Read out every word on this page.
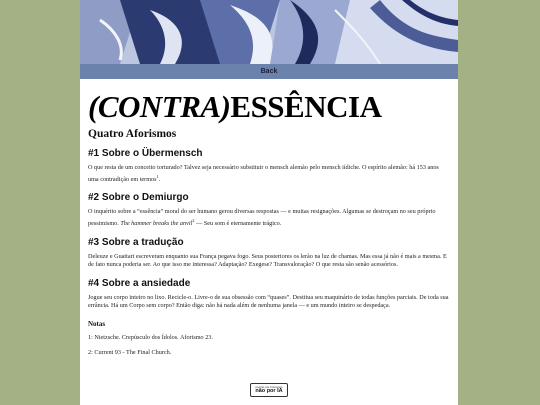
Back
(CONTRA)ESSÊNCIA
Quatro Aforismos
#1 Sobre o Übermensch

O que resta de um conceito torturado? Talvez seja necessário substituir o mensch alemão pelo mensch iídiche. O espírito alemão: há 153 anos uma contradição em termos$^1$.

#2 Sobre o Demiurgo

O inquérito sobre a “essência” moral do ser humano gerou diversas respostas — e muitas resignações. Algumas se destroçam no seu próprio pessimismo. The hammer breaks the anvil$^2$ — Seu som é eternamente trágico.

#3 Sobre a tradução

Deleuze e Guattari escreveram enquanto sua França pegava fogo. Seus posteriores os lerão na luz de chamas. Mas essa já não é mais a mesma. E de fato nunca poderia ser. Ao que isso me interessa? Adaptação? Exegese? Transvaloração? O que resta são senão acessórios.

#4 Sobre a ansiedade

Jogue seu corpo inteiro no lixo. Recicle-o. Livre-o de sua obsessão com “quases”. Destitua seu maquinário de todas funções parciais. De toda sua errância. Há um Corpo sem corpo? Então diga: não há nada além de nenhuma janela — e um mundo inteiro se despedaça.

Notas

1: Nietzsche. Crepúsculo dos Ídolos. Aforismo 23.

2: Current 93 - The Final Church.

escrito por humanos
não por IA
